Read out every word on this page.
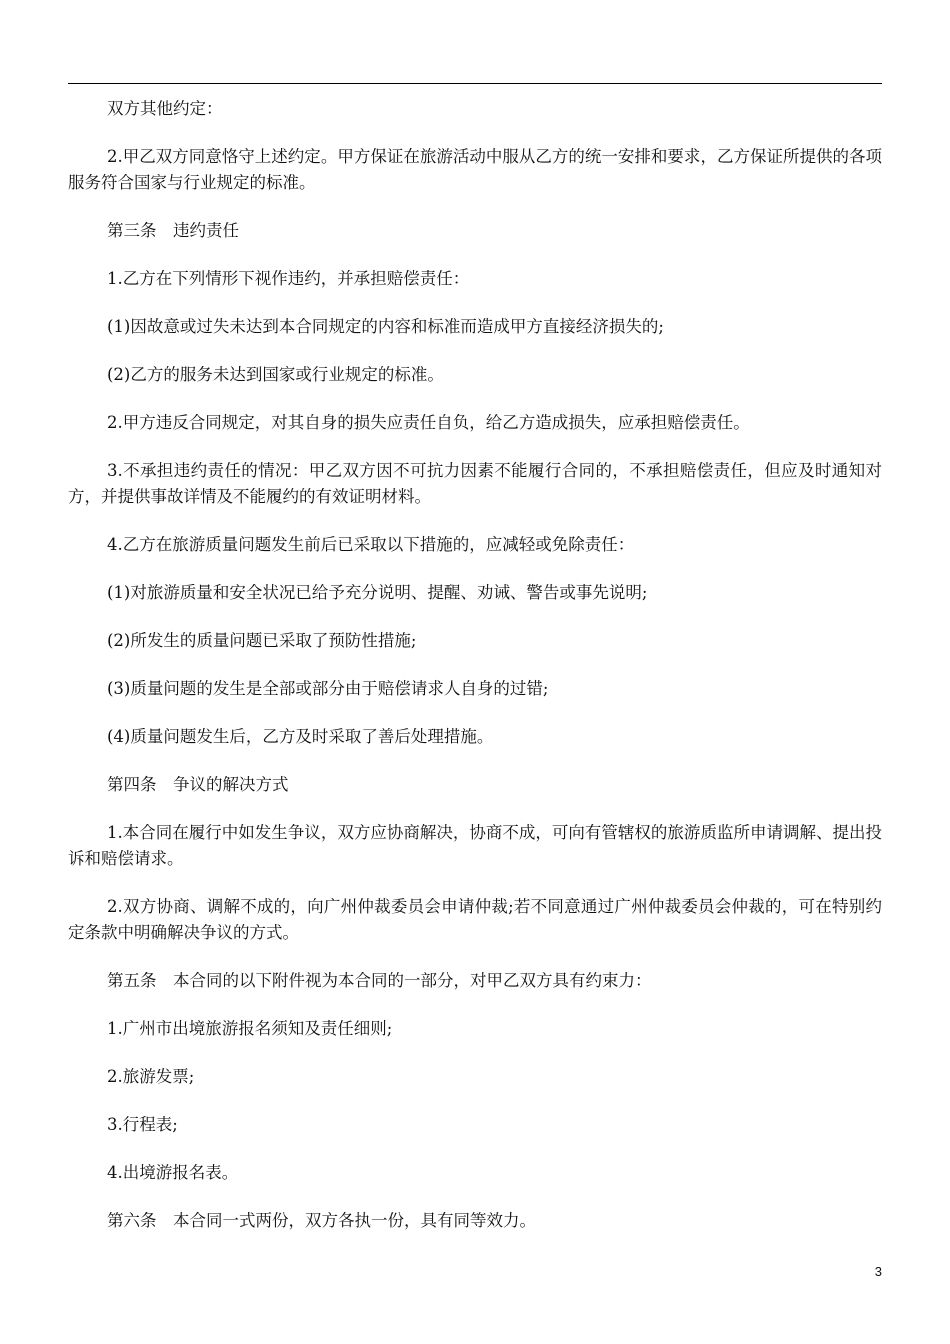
双方其他约定：

2.甲乙双方同意恪守上述约定。甲方保证在旅游活动中服从乙方的统一安排和要求，乙方保证所提供的各项服务符合国家与行业规定的标准。

第三条　违约责任

1.乙方在下列情形下视作违约，并承担赔偿责任：

(1)因故意或过失未达到本合同规定的内容和标准而造成甲方直接经济损失的;

(2)乙方的服务未达到国家或行业规定的标准。

2.甲方违反合同规定，对其自身的损失应责任自负，给乙方造成损失，应承担赔偿责任。

3.不承担违约责任的情况：甲乙双方因不可抗力因素不能履行合同的，不承担赔偿责任，但应及时通知对方，并提供事故详情及不能履约的有效证明材料。

4.乙方在旅游质量问题发生前后已采取以下措施的，应减轻或免除责任：

(1)对旅游质量和安全状况已给予充分说明、提醒、劝诫、警告或事先说明;

(2)所发生的质量问题已采取了预防性措施;

(3)质量问题的发生是全部或部分由于赔偿请求人自身的过错;

(4)质量问题发生后，乙方及时采取了善后处理措施。

第四条　争议的解决方式

1.本合同在履行中如发生争议，双方应协商解决，协商不成，可向有管辖权的旅游质监所申请调解、提出投诉和赔偿请求。

2.双方协商、调解不成的，向广州仲裁委员会申请仲裁;若不同意通过广州仲裁委员会仲裁的，可在特别约定条款中明确解决争议的方式。

第五条　本合同的以下附件视为本合同的一部分，对甲乙双方具有约束力：

1.广州市出境旅游报名须知及责任细则;

2.旅游发票;

3.行程表;

4.出境游报名表。

第六条　本合同一式两份，双方各执一份，具有同等效力。

3
